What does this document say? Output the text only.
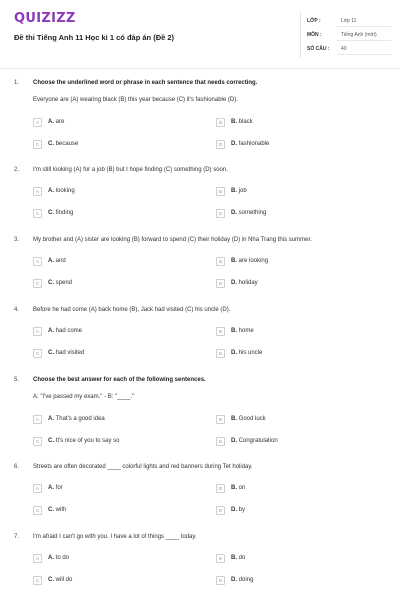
QUIZIZZ
Đề thi Tiếng Anh 11 Học kì 1 có đáp án (Đề 2)
LỚP :	Lớp 11
MÔN :	Tiếng Anh (mới)
SỐ CÂU : 40
1. Choose the underlined word or phrase in each sentence that needs correcting.
Everyone are (A) wearing black (B) this year because (C) it's fashionable (D).
A	A. are	B	B. black
C	C. because	D	D. fashionable
2. I'm still looking (A) for a job (B) but I hope finding (C) something (D) soon.
A	A. looking	B	B. job
C	C. finding	D	D. something
3. My brother and (A) sister are looking (B) forward to spend (C) their holiday (D) in Nha Trang this summer.
A	A. and	B	B. are looking
C	C. spend	D	D. holiday
4. Before he had come (A) back home (B), Jack had visited (C) his uncle (D).
A	A. had come	B	B. home
C	C. had visited	D	D. his uncle
5. Choose the best answer for each of the following sentences.
A: "I've passed my exam." - B: "____."
A	A. That's a good idea	B	B. Good luck
C	C. It's nice of you to say so	D	D. Congratulation
6. Streets are often decorated ____ colorful lights and red banners during Tet holiday.
A	A. for	B	B. on
C	C. with	D	D. by
7. I'm afraid I can't go with you. I have a lot of things ____ today.
A	A. to do	B	B. do
C	C. will do	D	D. doing
